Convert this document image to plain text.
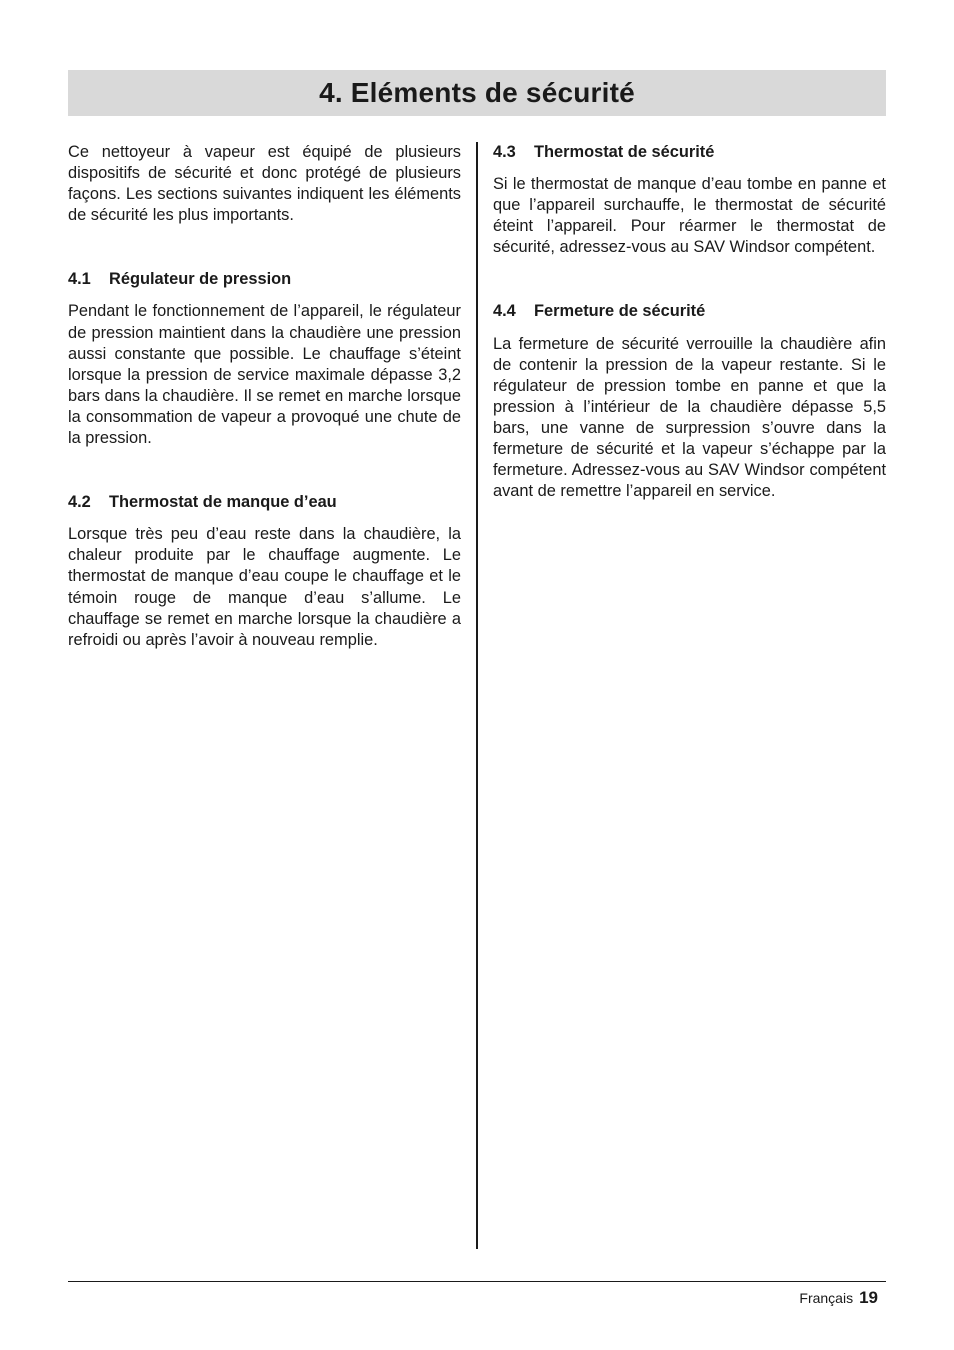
4. Eléments de sécurité

Ce nettoyeur à vapeur est équipé de plusieurs dispositifs de sécurité et donc protégé de plusieurs façons. Les sections suivantes indiquent les éléments de sécurité les plus importants.

4.1	Régulateur de pression

Pendant le fonctionnement de l’appareil, le régulateur de pression maintient dans la chaudière une pression aussi constante que possible. Le chauffage s’éteint lorsque la pression de service maximale dépasse 3,2 bars dans la chaudière. Il se remet en marche lorsque la consommation de vapeur a provoqué une chute de la pression.

4.2	Thermostat de manque d’eau

Lorsque très peu d’eau reste dans la chaudière, la chaleur produite par le chauffage augmente. Le thermostat de manque d’eau coupe le chauffage et le témoin rouge de manque d’eau s’allume. Le chauffage se remet en marche lorsque la chaudière a refroidi ou après l’avoir à nouveau remplie.

4.3	Thermostat de sécurité

Si le thermostat de manque d’eau tombe en panne et que l’appareil surchauffe, le thermostat de sécurité éteint l’appareil. Pour réarmer le thermostat de sécurité, adressez-vous au SAV Windsor compétent.

4.4	Fermeture de sécurité

La fermeture de sécurité verrouille la chaudière afin de contenir la pression de la vapeur restante. Si le régulateur de pression tombe en panne et que la pression à l’intérieur de la chaudière dépasse 5,5 bars, une vanne de surpression s’ouvre dans la fermeture de sécurité et la vapeur s’échappe par la fermeture. Adressez-vous au SAV Windsor compétent avant de remettre l’appareil en service.

Français 19
